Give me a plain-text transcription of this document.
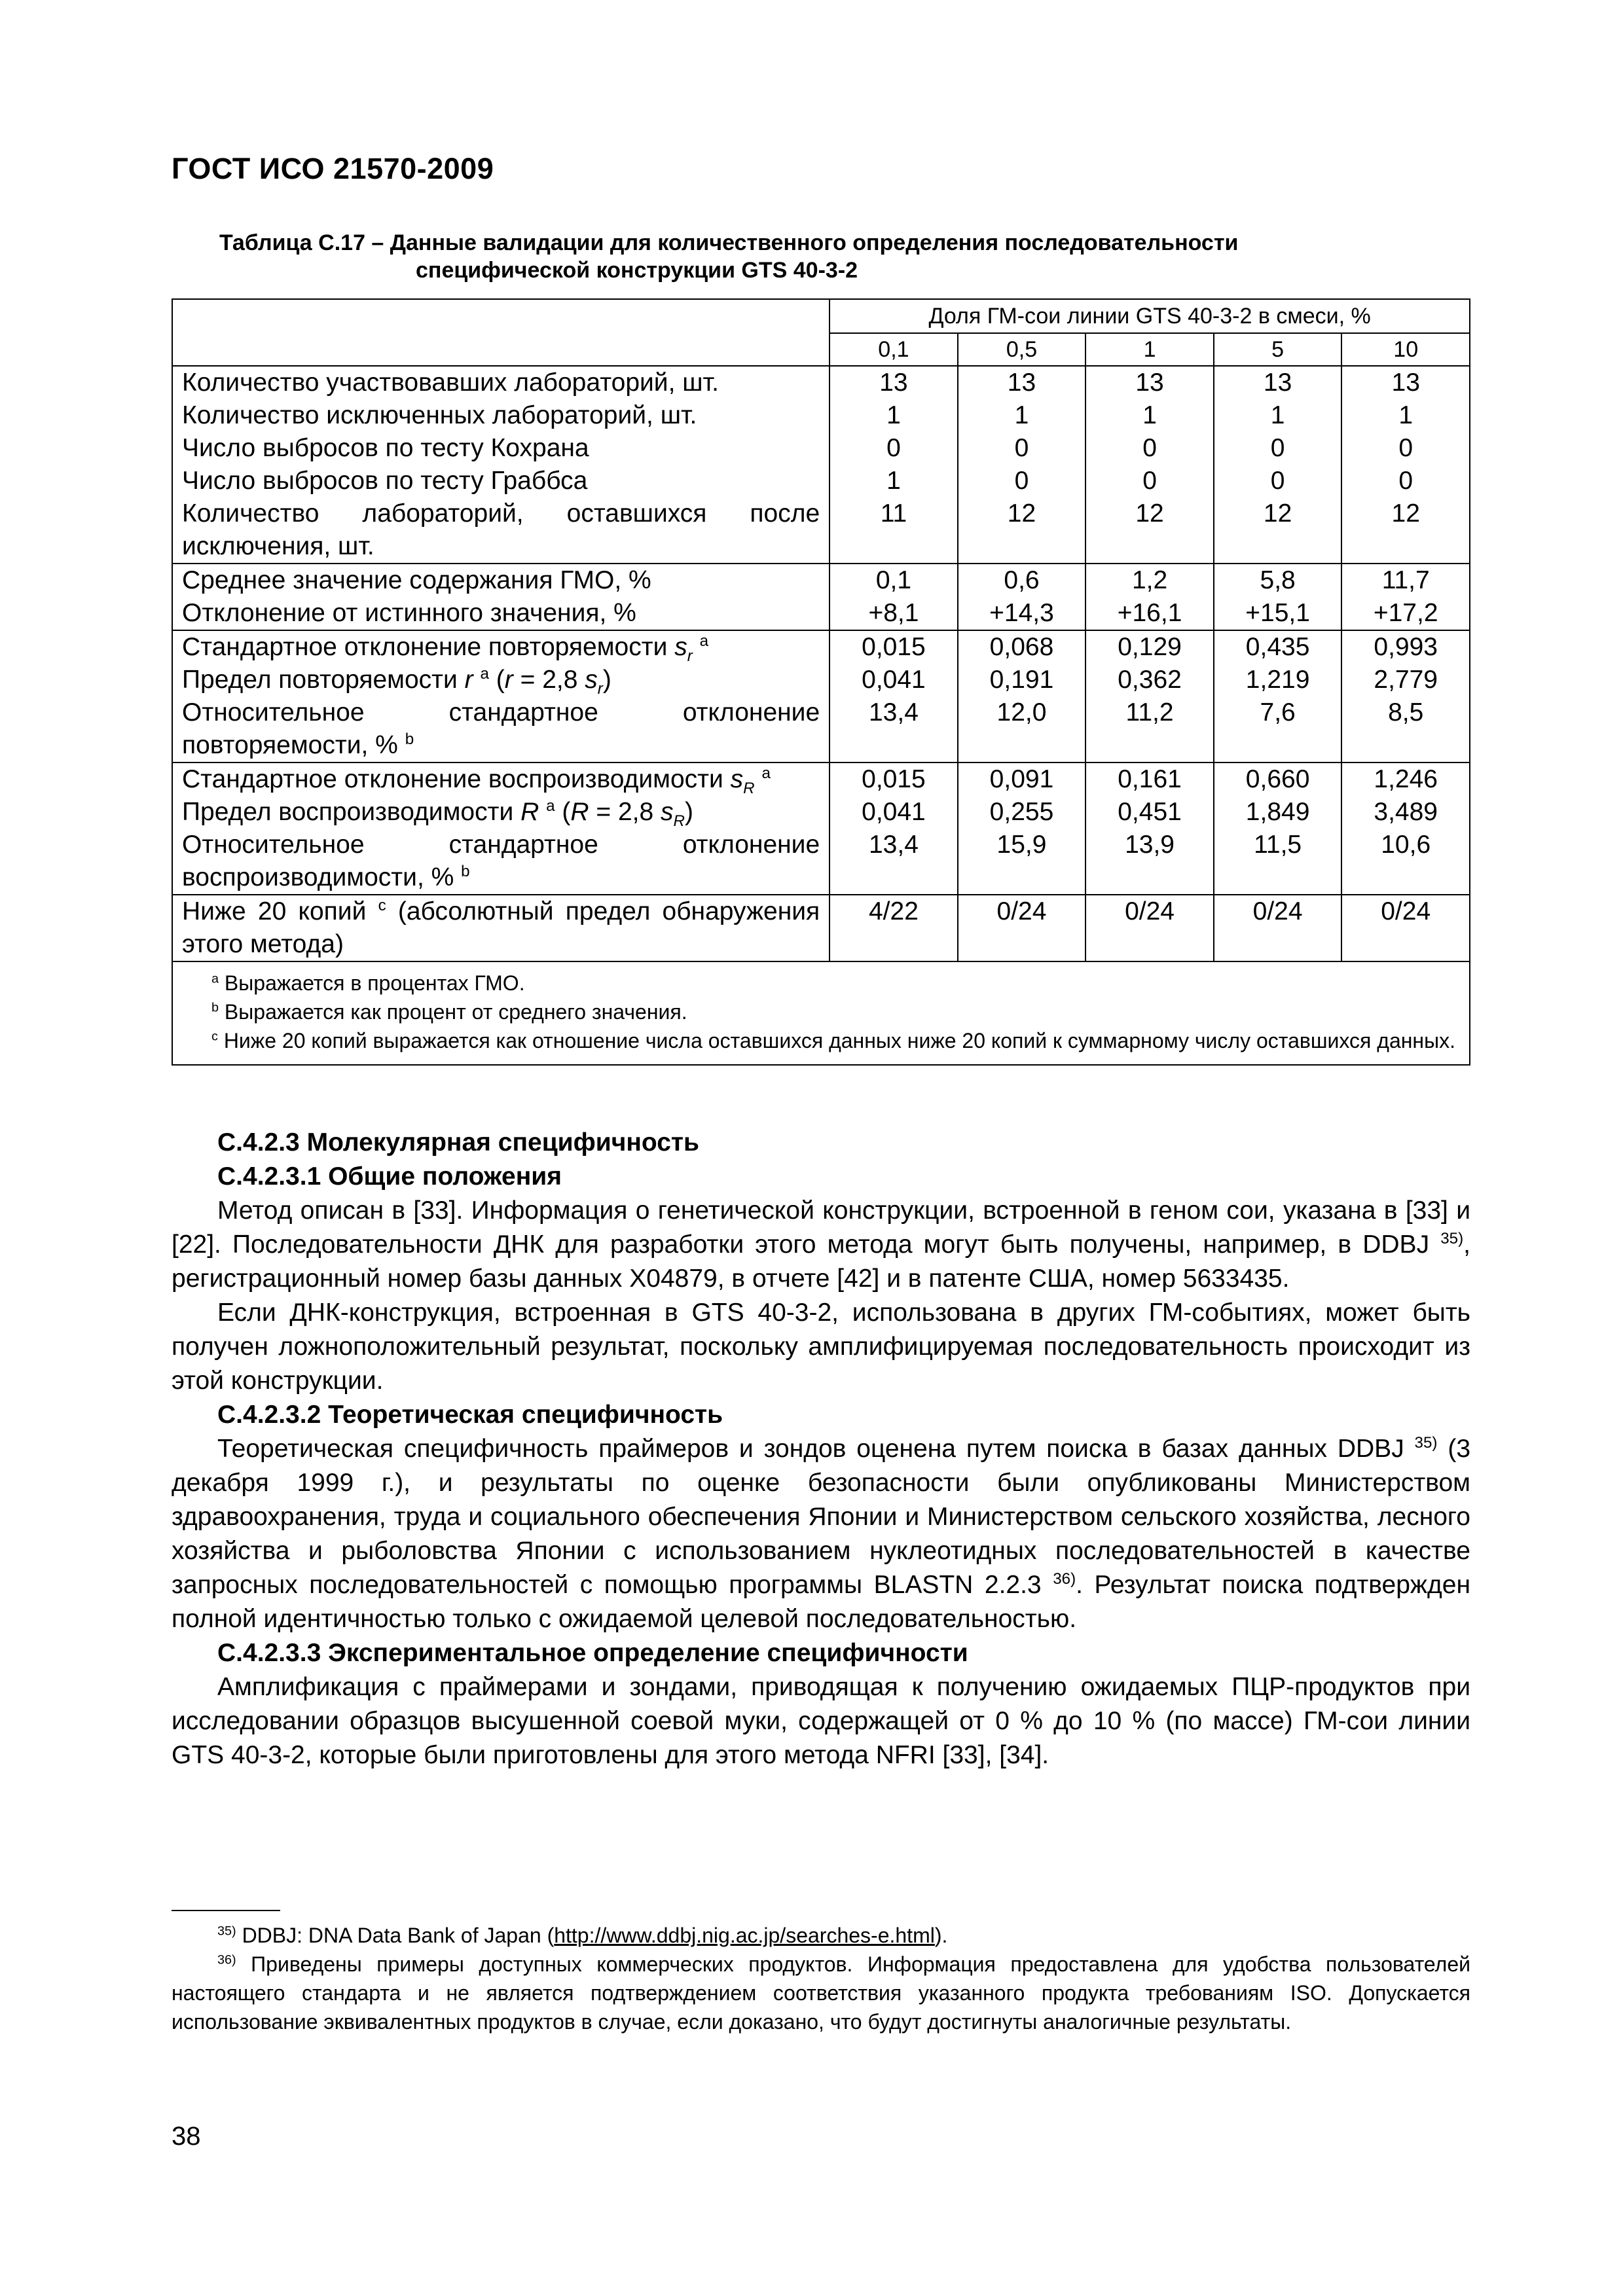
ГОСТ ИСО 21570-2009
Таблица С.17 – Данные валидации для количественного определения последовательности
специфической конструкции GTS 40-3-2
	Доля ГМ-сои линии GTS 40-3-2 в смеси, %				
	0,1	0,5	1	5	10
Количество участвовавших лабораторий, шт.	13	13	13	13	13
Количество исключенных лабораторий, шт.	1	1	1	1	1
Число выбросов по тесту Кохрана	0	0	0	0	0
Число выбросов по тесту Граббса	1	0	0	0	0
Количество лабораторий, оставшихся после исключения, шт.	11	12	12	12	12
Среднее значение содержания ГМО, %	0,1	0,6	1,2	5,8	11,7
Отклонение от истинного значения, %	+8,1	+14,3	+16,1	+15,1	+17,2
Стандартное отклонение повторяемости $s_r$ $^a$	0,015	0,068	0,129	0,435	0,993
Предел повторяемости r $^a$ (r = 2,8 $s_r$)	0,041	0,191	0,362	1,219	2,779
Относительное стандартное отклонение повторяемости, % $^b$	13,4	12,0	11,2	7,6	8,5
Стандартное отклонение воспроизводимости $s_R$ $^a$	0,015	0,091	0,161	0,660	1,246
Предел воспроизводимости R $^a$ (R = 2,8 $s_R$)	0,041	0,255	0,451	1,849	3,489
Относительное стандартное отклонение воспроизводимости, % $^b$	13,4	15,9	13,9	11,5	10,6
Ниже 20 копий $^c$ (абсолютный предел обнаружения этого метода)	4/22	0/24	0/24	0/24	0/24

$^a$ Выражается в процентах ГМО.

$^b$ Выражается как процент от среднего значения.

$^c$ Ниже 20 копий выражается как отношение числа оставшихся данных ниже 20 копий к суммарному числу оставшихся данных.					

С.4.2.3 Молекулярная специфичность
С.4.2.3.1 Общие положения

Метод описан в [33]. Информация о генетической конструкции, встроенной в геном сои, указана в [33] и [22]. Последовательности ДНК для разработки этого метода могут быть получены, например, в DDBJ $^{35)}$, регистрационный номер базы данных Х04879, в отчете [42] и в патенте США, номер 5633435.

Если ДНК-конструкция, встроенная в GTS 40-3-2, использована в других ГМ-событиях, может быть получен ложноположительный результат, поскольку амплифицируемая последовательность происходит из этой конструкции.

С.4.2.3.2 Теоретическая специфичность

Теоретическая специфичность праймеров и зондов оценена путем поиска в базах данных DDBJ $^{35)}$ (3 декабря 1999 г.), и результаты по оценке безопасности были опубликованы Министерством здравоохранения, труда и социального обеспечения Японии и Министерством сельского хозяйства, лесного хозяйства и рыболовства Японии с использованием нуклеотидных последовательностей в качестве запросных последовательностей с помощью программы BLASTN 2.2.3 $^{36)}$. Результат поиска подтвержден полной идентичностью только с ожидаемой целевой последовательностью.

С.4.2.3.3 Экспериментальное определение специфичности

Амплификация с праймерами и зондами, приводящая к получению ожидаемых ПЦР-продуктов при исследовании образцов высушенной соевой муки, содержащей от 0 % до 10 % (по массе) ГМ-сои линии GTS 40-3-2, которые были приготовлены для этого метода NFRI [33], [34].

$^{35)}$ DDBJ: DNA Data Bank of Japan (http://www.ddbj.nig.ac.jp/searches-e.html).

$^{36)}$ Приведены примеры доступных коммерческих продуктов. Информация предоставлена для удобства пользователей настоящего стандарта и не является подтверждением соответствия указанного продукта требованиям ISO. Допускается использование эквивалентных продуктов в случае, если доказано, что будут достигнуты аналогичные результаты.

38
